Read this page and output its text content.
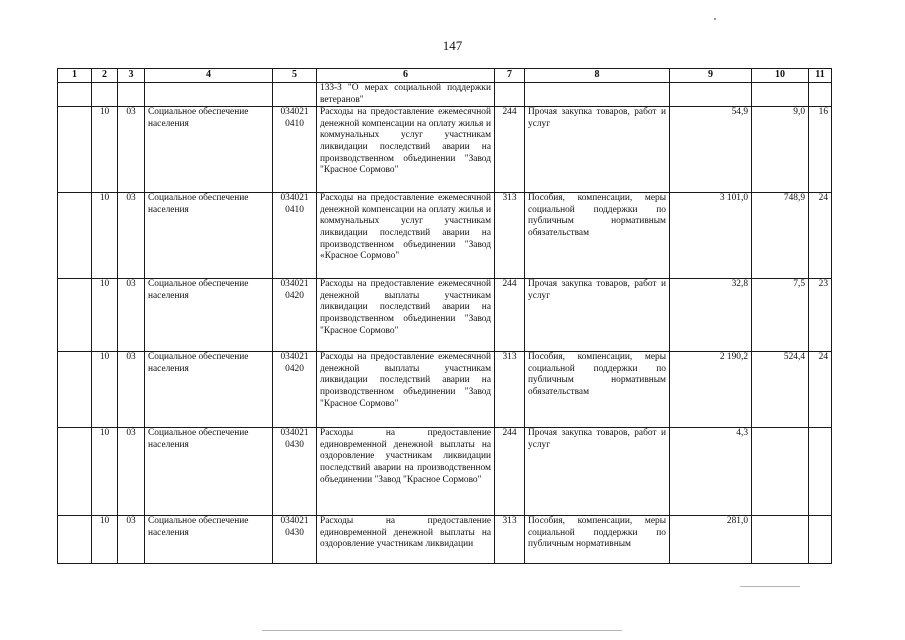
147
1	2	3	4	5	6	7	8	9	10	11
					133-З "О мерах социальной поддержки ветеранов"					
	10	03	Социальное обеспечение населения	034021 0410	Расходы на предоставление ежемесячной денежной компенсации на оплату жилья и коммунальных услуг участникам ликвидации последствий аварии на производственном объединении "Завод "Красное Сормово"	244	Прочая закупка товаров, работ и услуг	54,9	9,0	16
	10	03	Социальное обеспечение населения	034021 0410	Расходы на предоставление ежемесячной денежной компенсации на оплату жилья и коммунальных услуг участникам ликвидации последствий аварии на производственном объединении "Завод «Красное Сормово"	313	Пособия, компенсации, меры социальной поддержки по публичным нормативным обязательствам	3 101,0	748,9	24
	10	03	Социальное обеспечение населения	034021 0420	Расходы на предоставление ежемесячной денежной выплаты участникам ликвидации последствий аварии на производственном объединении "Завод "Красное Сормово"	244	Прочая закупка товаров, работ и услуг	32,8	7,5	23
	10	03	Социальное обеспечение населения	034021 0420	Расходы на предоставление ежемесячной денежной выплаты участникам ликвидации последствий аварии на производственном объединении "Завод "Красное Сормово"	313	Пособия, компенсации, меры социальной поддержки по публичным нормативным обязательствам	2 190,2	524,4	24
	10	03	Социальное обеспечение населения	034021 0430	Расходы на предоставление единовременной денежной выплаты на оздоровление участникам ликвидации последствий аварии на производственном объединении "Завод "Красное Сормово"	244	Прочая закупка товаров, работ и услуг	4,3		
	10	03	Социальное обеспечение населения	034021 0430	Расходы на предоставление единовременной денежной выплаты на оздоровление участникам ликвидации	313	Пособия, компенсации, меры социальной поддержки по публичным нормативным	281,0		
